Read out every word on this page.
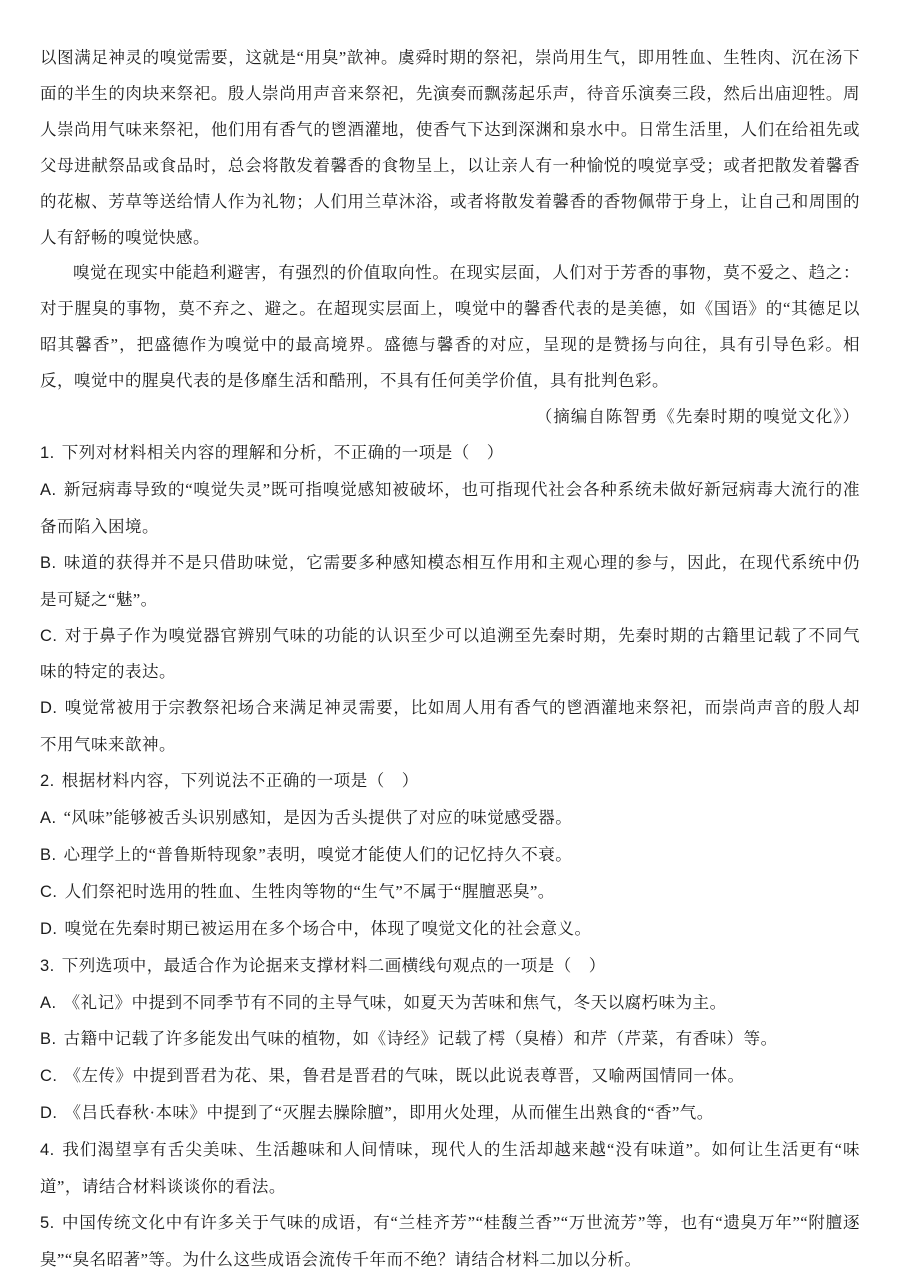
以图满足神灵的嗅觉需要，这就是“用臭”歆神。虞舜时期的祭祀，崇尚用生气，即用牲血、生牲肉、沉在汤下面的半生的肉块来祭祀。殷人崇尚用声音来祭祀，先演奏而飘荡起乐声，待音乐演奏三段，然后出庙迎牲。周人崇尚用气味来祭祀，他们用有香气的鬯酒灌地，使香气下达到深渊和泉水中。日常生活里，人们在给祖先或父母进献祭品或食品时，总会将散发着馨香的食物呈上，以让亲人有一种愉悦的嗅觉享受；或者把散发着馨香的花椒、芳草等送给情人作为礼物；人们用兰草沐浴，或者将散发着馨香的香物佩带于身上，让自己和周围的人有舒畅的嗅觉快感。

嗅觉在现实中能趋利避害，有强烈的价值取向性。在现实层面，人们对于芳香的事物，莫不爱之、趋之：对于腥臭的事物，莫不弃之、避之。在超现实层面上，嗅觉中的馨香代表的是美德，如《国语》的“其德足以昭其馨香”，把盛德作为嗅觉中的最高境界。盛德与馨香的对应，呈现的是赞扬与向往，具有引导色彩。相反，嗅觉中的腥臭代表的是侈靡生活和酷刑，不具有任何美学价值，具有批判色彩。

（摘编自陈智勇《先秦时期的嗅觉文化》）

1. 下列对材料相关内容的理解和分析，不正确的一项是（　）

A. 新冠病毒导致的“嗅觉失灵”既可指嗅觉感知被破坏，也可指现代社会各种系统未做好新冠病毒大流行的准备而陷入困境。

B. 味道的获得并不是只借助味觉，它需要多种感知模态相互作用和主观心理的参与，因此，在现代系统中仍是可疑之“魅”。

C. 对于鼻子作为嗅觉器官辨别气味的功能的认识至少可以追溯至先秦时期，先秦时期的古籍里记载了不同气味的特定的表达。

D. 嗅觉常被用于宗教祭祀场合来满足神灵需要，比如周人用有香气的鬯酒灌地来祭祀，而崇尚声音的殷人却不用气味来歆神。

2. 根据材料内容，下列说法不正确的一项是（　）

A. “风味”能够被舌头识别感知，是因为舌头提供了对应的味觉感受器。

B. 心理学上的“普鲁斯特现象”表明，嗅觉才能使人们的记忆持久不衰。

C. 人们祭祀时选用的牲血、生牲肉等物的“生气”不属于“腥膻恶臭”。

D. 嗅觉在先秦时期已被运用在多个场合中，体现了嗅觉文化的社会意义。

3. 下列选项中，最适合作为论据来支撑材料二画横线句观点的一项是（　）

A. 《礼记》中提到不同季节有不同的主导气味，如夏天为苦味和焦气，冬天以腐朽味为主。

B. 古籍中记载了许多能发出气味的植物，如《诗经》记载了樗（臭椿）和芹（芹菜，有香味）等。

C. 《左传》中提到晋君为花、果，鲁君是晋君的气味，既以此说表尊晋，又喻两国情同一体。

D. 《吕氏春秋·本味》中提到了“灭腥去臊除膻”，即用火处理，从而催生出熟食的“香”气。

4. 我们渴望享有舌尖美味、生活趣味和人间情味，现代人的生活却越来越“没有味道”。如何让生活更有“味道”，请结合材料谈谈你的看法。

5. 中国传统文化中有许多关于气味的成语，有“兰桂齐芳”“桂馥兰香”“万世流芳”等，也有“遗臭万年”“附膻逐臭”“臭名昭著”等。为什么这些成语会流传千年而不绝？请结合材料二加以分析。
